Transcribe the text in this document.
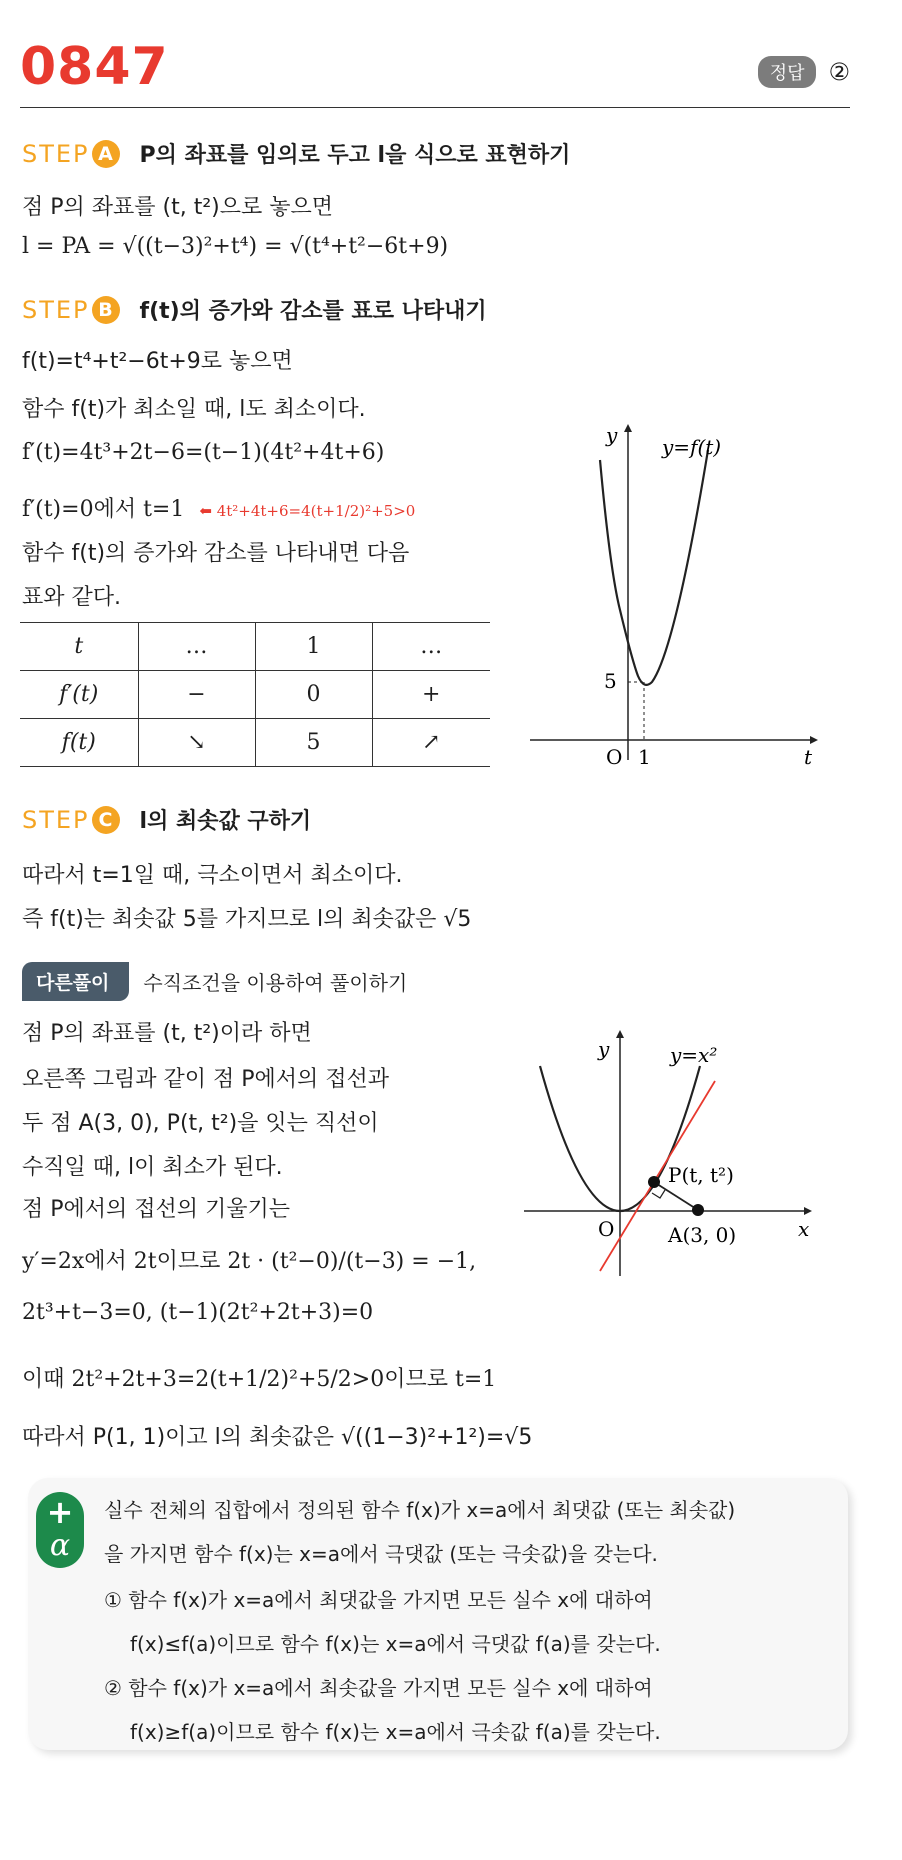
0847	정답	②
STEP A	P의 좌표를 임의로 두고 l을 식으로 표현하기
점 P의 좌표를 (t, t²)으로 놓으면
l = PA = √((t−3)²+t⁴) = √(t⁴+t²−6t+9)
STEP B	f(t)의 증가와 감소를 표로 나타내기
f(t)=t⁴+t²−6t+9로 놓으면
함수 f(t)가 최소일 때, l도 최소이다.
f′(t)=4t³+2t−6=(t−1)(4t²+4t+6)
f′(t)=0에서 t=1 ⬅ 4t²+4t+6=4(t+1/2)²+5>0
함수 f(t)의 증가와 감소를 나타내면 다음
표와 같다.
t	…	1	…
f′(t)	−	0	+
f(t)	↘	5	↗
y y=f(t)
t
O 1
5
STEP C	l의 최솟값 구하기
따라서 t=1일 때, 극소이면서 최소이다.
즉 f(t)는 최솟값 5를 가지므로 l의 최솟값은 √5
다른풀이	수직조건을 이용하여 풀이하기
점 P의 좌표를 (t, t²)이라 하면
오른쪽 그림과 같이 점 P에서의 접선과
두 점 A(3, 0), P(t, t²)을 잇는 직선이
수직일 때, l이 최소가 된다.
점 P에서의 접선의 기울기는
y′=2x에서 2t이므로 2t · (t²−0)/(t−3) = −1,
2t³+t−3=0, (t−1)(2t²+2t+3)=0
이때 2t²+2t+3=2(t+1/2)²+5/2>0이므로 t=1
따라서 P(1, 1)이고 l의 최솟값은 √((1−3)²+1²)=√5
y	y=x²
x
O
P(t, t²)
A(3, 0)
+
α
실수 전체의 집합에서 정의된 함수 f(x)가 x=a에서 최댓값 (또는 최솟값)
을 가지면 함수 f(x)는 x=a에서 극댓값 (또는 극솟값)을 갖는다.
① 함수 f(x)가 x=a에서 최댓값을 가지면 모든 실수 x에 대하여
f(x)≤f(a)이므로 함수 f(x)는 x=a에서 극댓값 f(a)를 갖는다.
② 함수 f(x)가 x=a에서 최솟값을 가지면 모든 실수 x에 대하여
f(x)≥f(a)이므로 함수 f(x)는 x=a에서 극솟값 f(a)를 갖는다.
